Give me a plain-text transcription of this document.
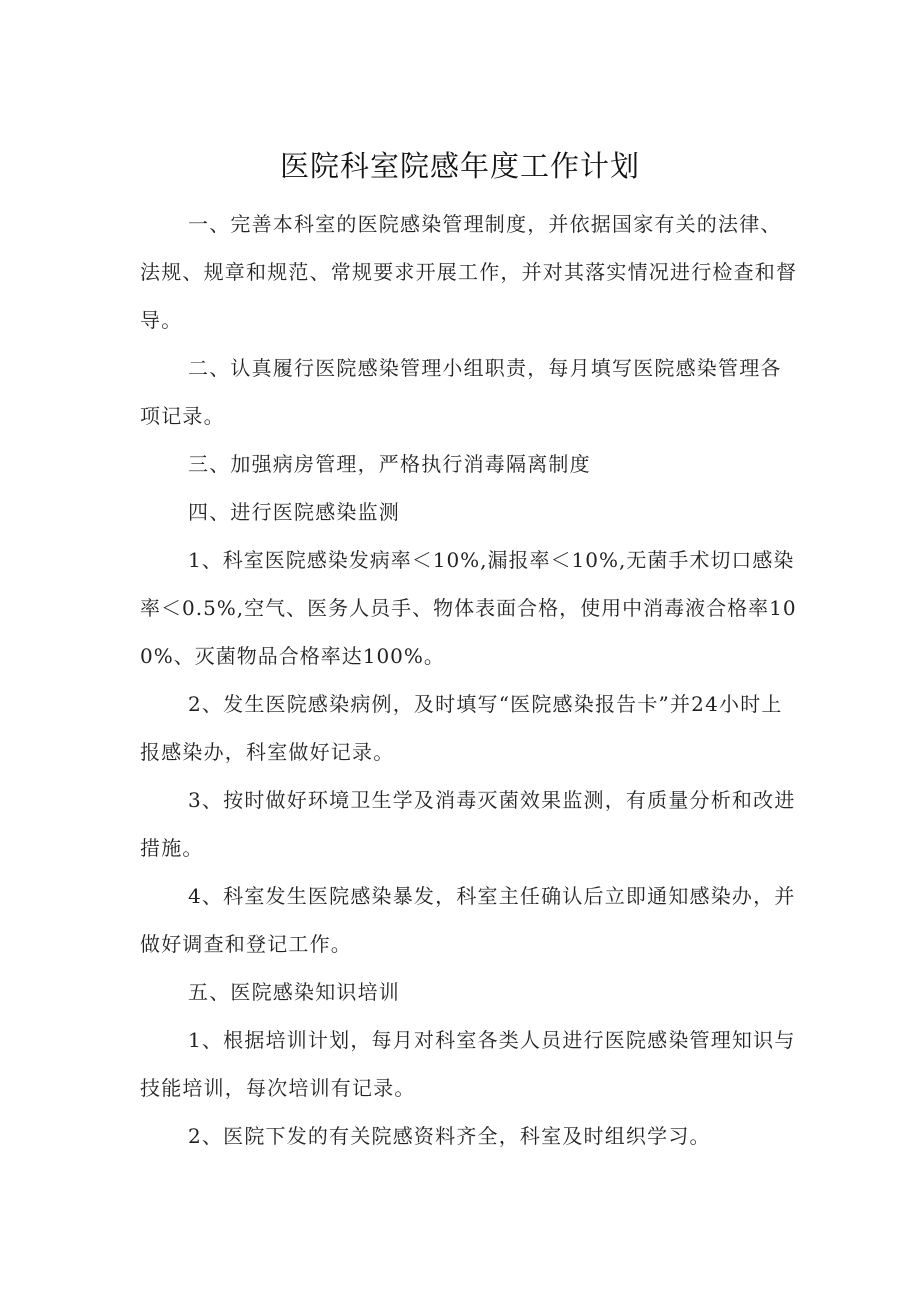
医院科室院感年度工作计划

一、完善本科室的医院感染管理制度，并依据国家有关的法律、法规、规章和规范、常规要求开展工作，并对其落实情况进行检查和督导。

二、认真履行医院感染管理小组职责，每月填写医院感染管理各项记录。

三、加强病房管理，严格执行消毒隔离制度

四、进行医院感染监测

1、科室医院感染发病率＜10%,漏报率＜10%,无菌手术切口感染率＜0.5%,空气、医务人员手、物体表面合格，使用中消毒液合格率100%、灭菌物品合格率达100%。

2、发生医院感染病例，及时填写“医院感染报告卡”并24小时上报感染办，科室做好记录。

3、按时做好环境卫生学及消毒灭菌效果监测，有质量分析和改进措施。

4、科室发生医院感染暴发，科室主任确认后立即通知感染办，并做好调查和登记工作。

五、医院感染知识培训

1、根据培训计划，每月对科室各类人员进行医院感染管理知识与技能培训，每次培训有记录。

2、医院下发的有关院感资料齐全，科室及时组织学习。
